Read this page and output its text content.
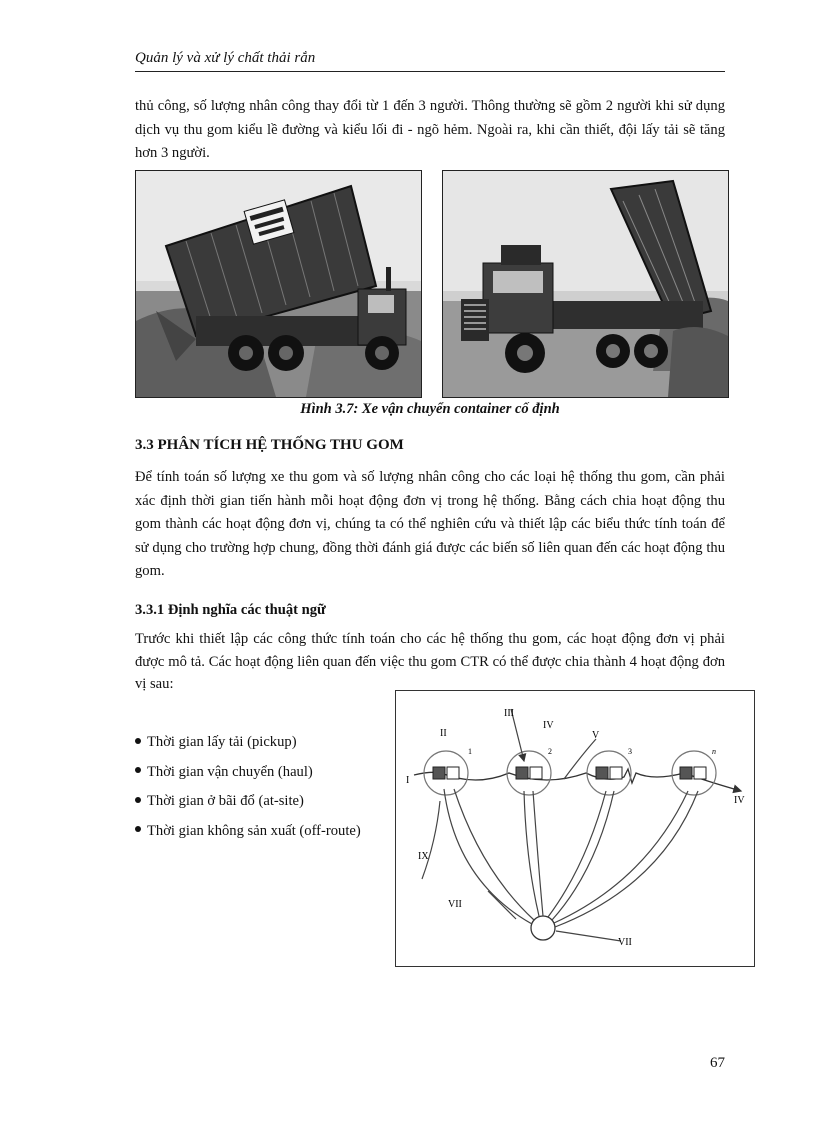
Quản lý và xử lý chất thải rắn

thủ công, số lượng nhân công thay đổi từ 1 đến 3 người. Thông thường sẽ gồm 2 người khi sử dụng dịch vụ thu gom kiểu lề đường và kiểu lối đi - ngõ hẻm. Ngoài ra, khi cần thiết, đội lấy tải sẽ tăng hơn 3 người.

Hình 3.7: Xe vận chuyển container cố định
3.3 PHÂN TÍCH HỆ THỐNG THU GOM

Để tính toán số lượng xe thu gom và số lượng nhân công cho các loại hệ thống thu gom, cần phải xác định thời gian tiến hành mỗi hoạt động đơn vị trong hệ thống. Bằng cách chia hoạt động thu gom thành các hoạt động đơn vị, chúng ta có thể nghiên cứu và thiết lập các biểu thức tính toán để sử dụng cho trường hợp chung, đồng thời đánh giá được các biến số liên quan đến các hoạt động thu gom.

3.3.1 Định nghĩa các thuật ngữ

Trước khi thiết lập các công thức tính toán cho các hệ thống thu gom, các hoạt động đơn vị phải được mô tả. Các hoạt động liên quan đến việc thu gom CTR có thể được chia thành 4 hoạt động đơn vị sau:

Thời gian lấy tải (pickup)
Thời gian vận chuyển (haul)
Thời gian ở bãi đổ (at-site)
Thời gian không sản xuất (off-route)
I
II
III
IV
V
IV
IX
VII
VII
1	2	3	n
67
